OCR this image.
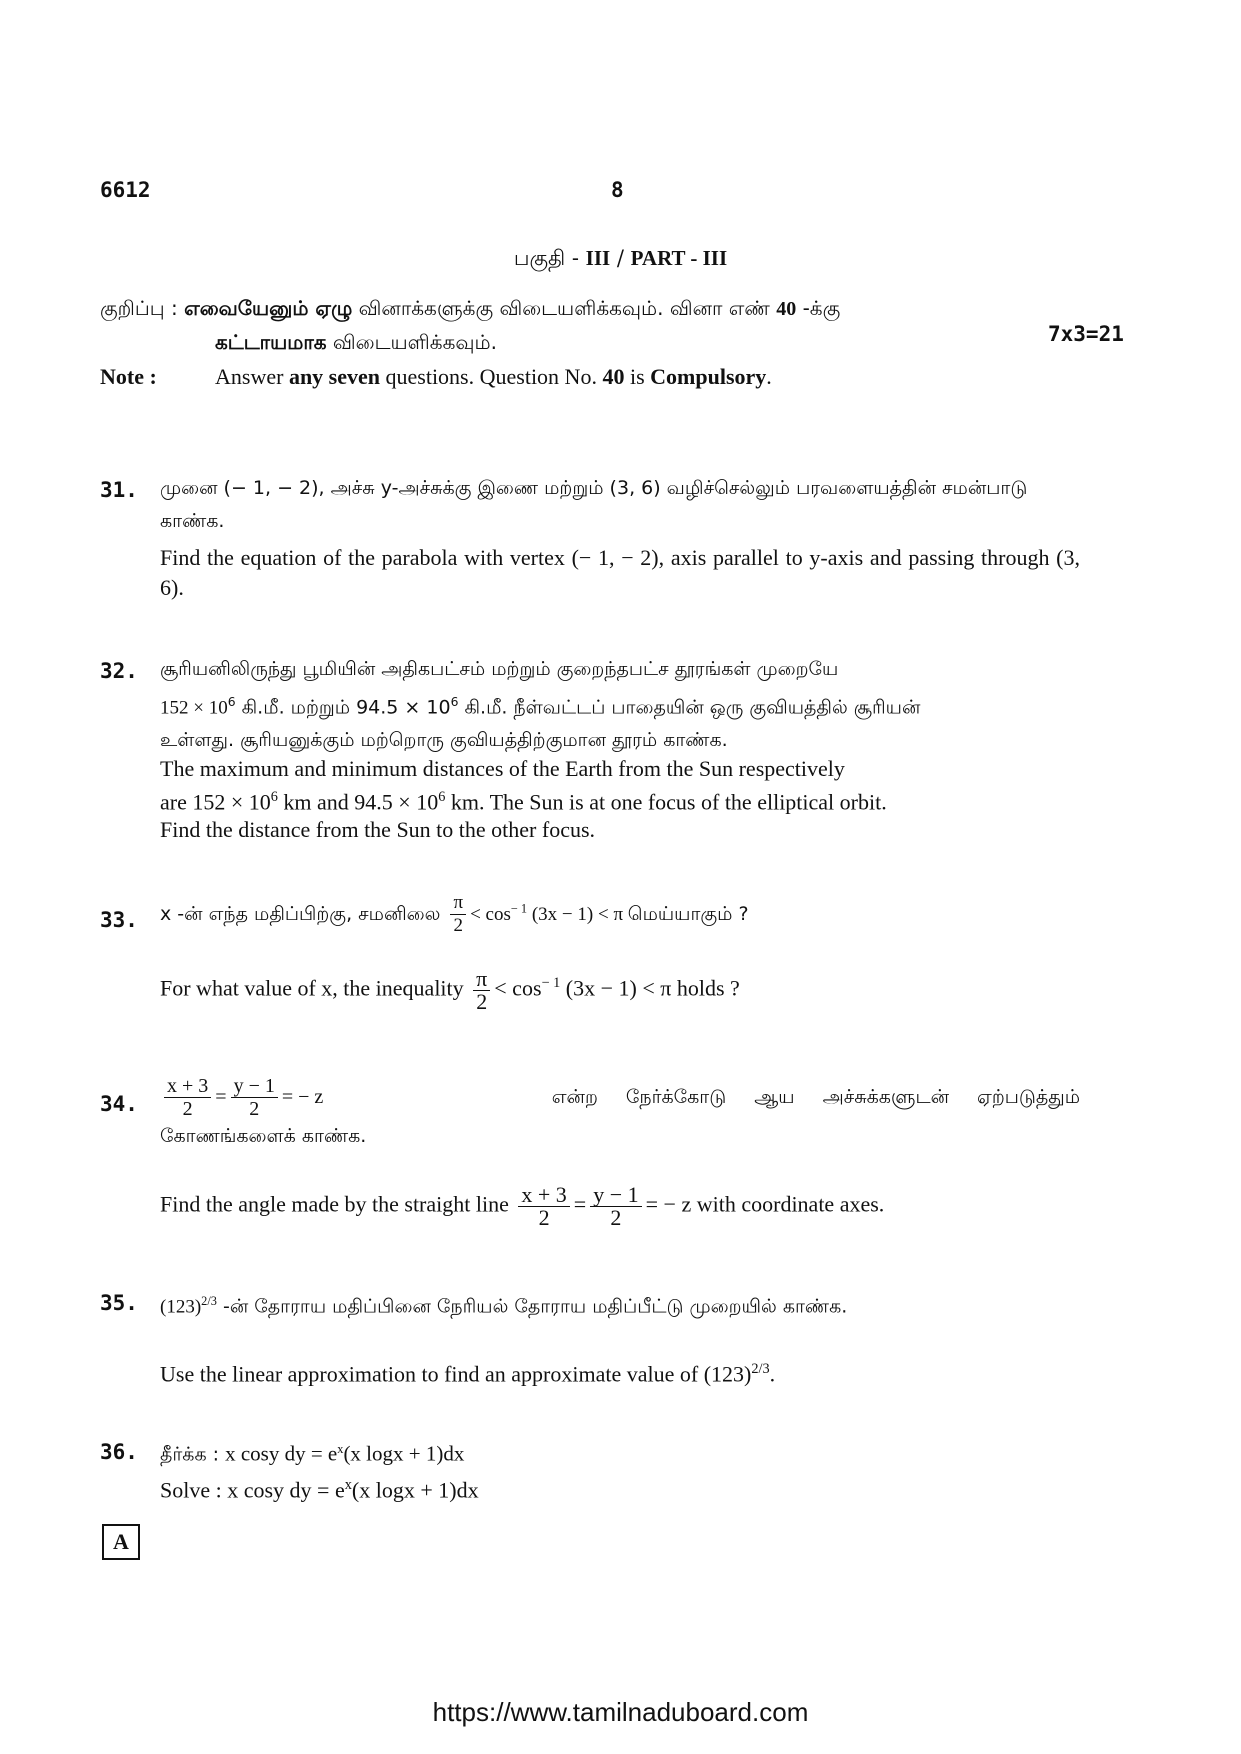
6612	8
பகுதி - III / PART - III
குறிப்பு : எவையேனும் ஏழு வினாக்களுக்கு விடையளிக்கவும். வினா எண் 40 -க்கு
கட்டாயமாக விடையளிக்கவும்.	7x3=21
Note :	Answer any seven questions. Question No. 40 is Compulsory.
31. முனை (− 1, − 2), அச்சு y-அச்சுக்கு இணை மற்றும் (3, 6) வழிச்செல்லும் பரவளையத்தின் சமன்பாடு காண்க.
Find the equation of the parabola with vertex (− 1, − 2), axis parallel to y-axis and passing through (3, 6).
32. சூரியனிலிருந்து பூமியின் அதிகபட்சம் மற்றும் குறைந்தபட்ச தூரங்கள் முறையே
$152 \times 10^6$ கி.மீ. மற்றும் $94.5 \times 10^6$ கி.மீ. நீள்வட்டப் பாதையின் ஒரு குவியத்தில் சூரியன்
உள்ளது. சூரியனுக்கும் மற்றொரு குவியத்திற்குமான தூரம் காண்க.
The maximum and minimum distances of the Earth from the Sun respectively
are $152 \times 10^6$ km and $94.5 \times 10^6$ km. The Sun is at one focus of the elliptical orbit.
Find the distance from the Sun to the other focus.
33. x -ன் எந்த மதிப்பிற்கு, சமனிலை $\frac{\pi}{2} < \cos^{- 1} (3x - 1) < \pi$ மெய்யாகும் ?
For what value of x, the inequality $\frac{\pi}{2} < \cos^{- 1} (3x - 1) < \pi$ holds ?
34. $\frac{x + 3}{2} = \frac{y - 1}{2}$ = − z	என்ற நேர்க்கோடு ஆய அச்சுக்களுடன் ஏற்படுத்தும்
கோணங்களைக் காண்க.
Find the angle made by the straight line $\frac{x + 3}{2} = \frac{y - 1}{2}$ = − z with coordinate axes.
35. $(123)^{2/3}$ -ன் தோராய மதிப்பினை நேரியல் தோராய மதிப்பீட்டு முறையில் காண்க.
Use the linear approximation to find an approximate value of $(123)^{2/3}$.
36. தீர்க்க : x cosy dy = $e^x(x$ logx + 1)dx
Solve : x cosy dy = $e^x(x$ logx + 1)dx
A
https://www.tamilnaduboard.com
